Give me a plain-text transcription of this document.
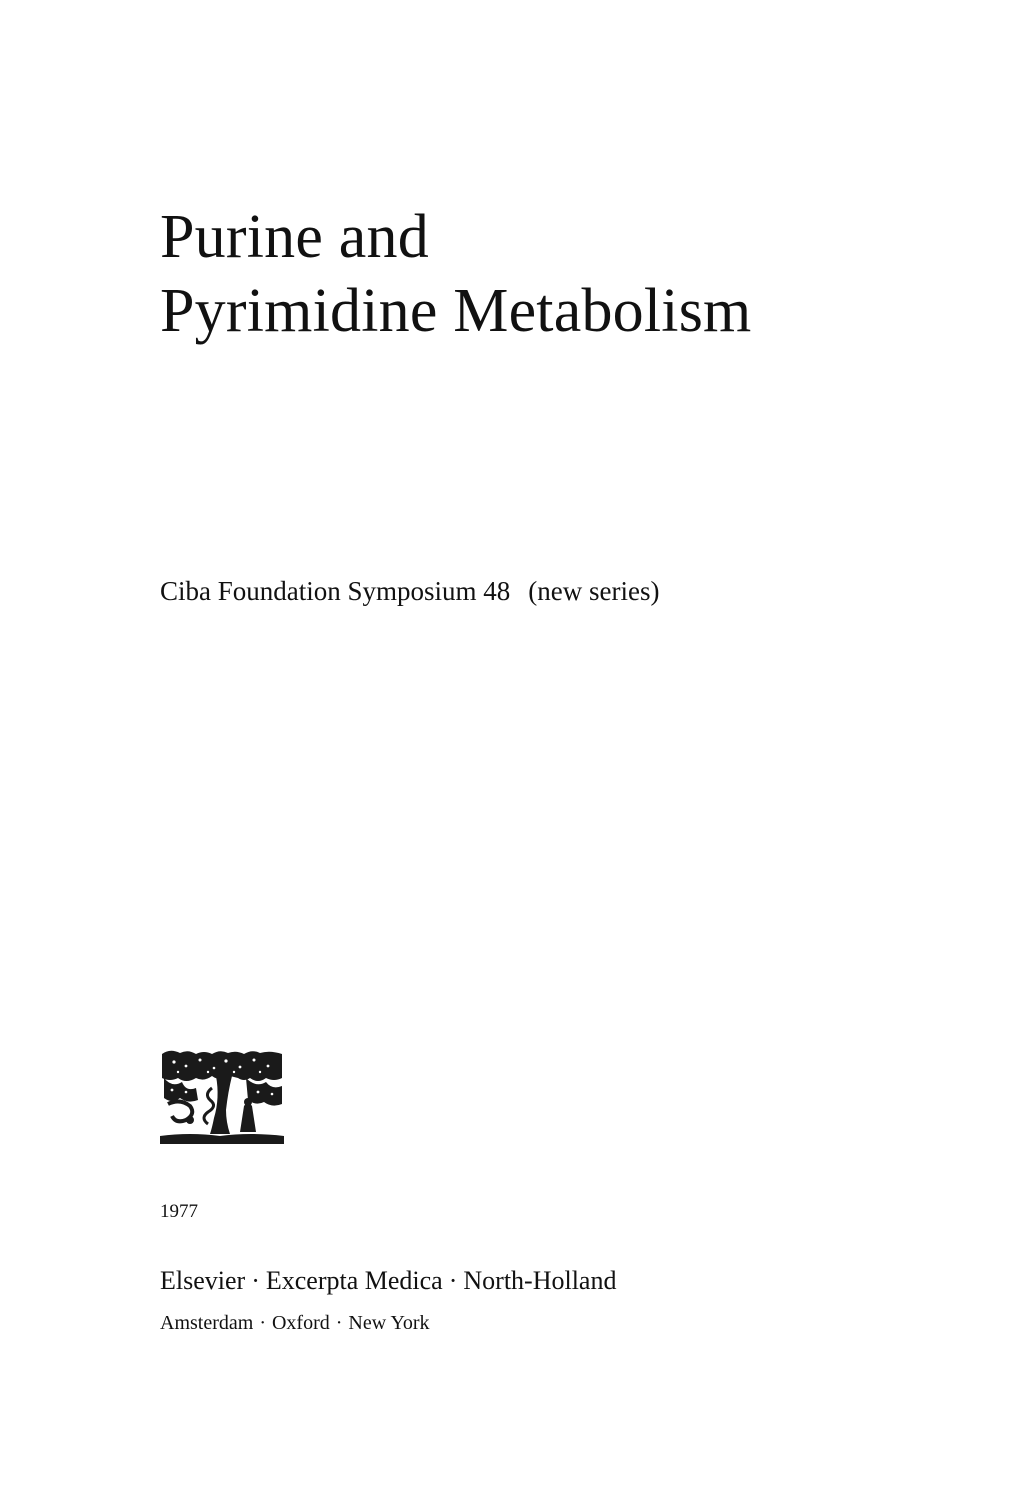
Purine and
Pyrimidine Metabolism
Ciba Foundation Symposium 48 (new series)
1977
Elsevier · Excerpta Medica · North-Holland
Amsterdam · Oxford · New York
